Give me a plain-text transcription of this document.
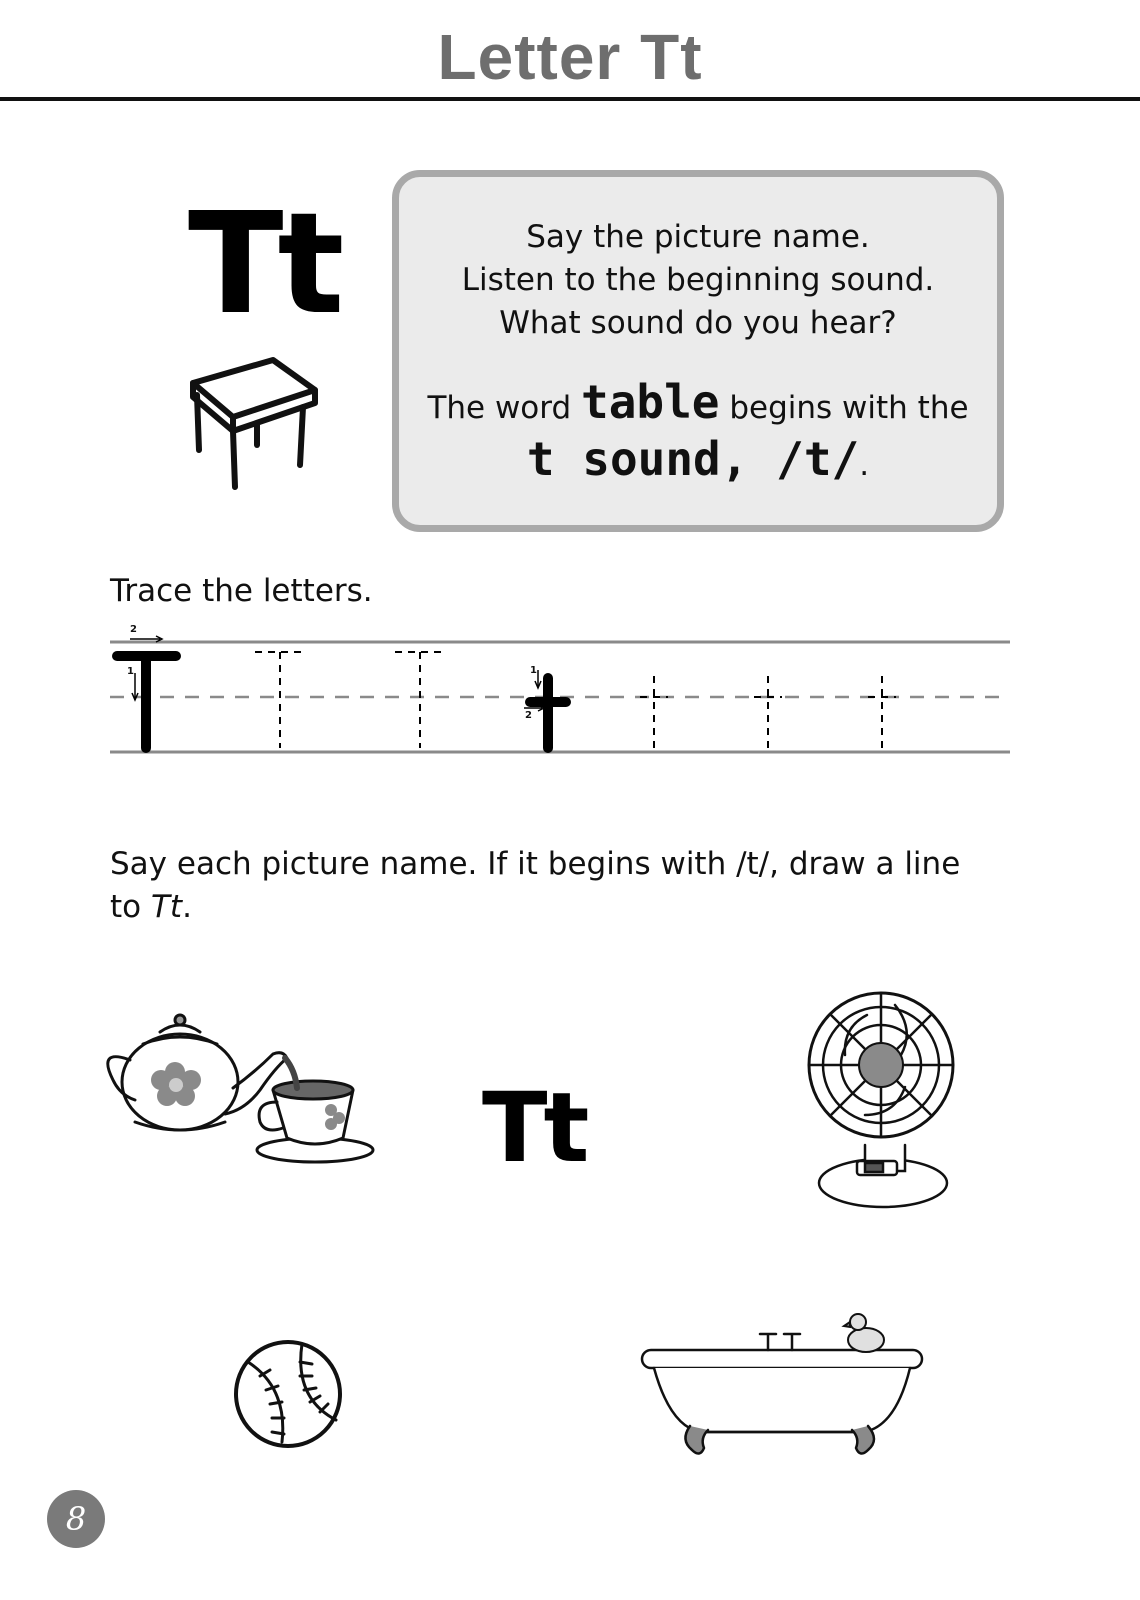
Letter Tt
Tt	Say the picture name.
Listen to the beginning sound.
What sound do you hear?
The word table begins with the
t sound, /t/.
Trace the letters.
2
1	1
2
Say each picture name. If it begins with /t/, draw a line to Tt.
Tt
8
